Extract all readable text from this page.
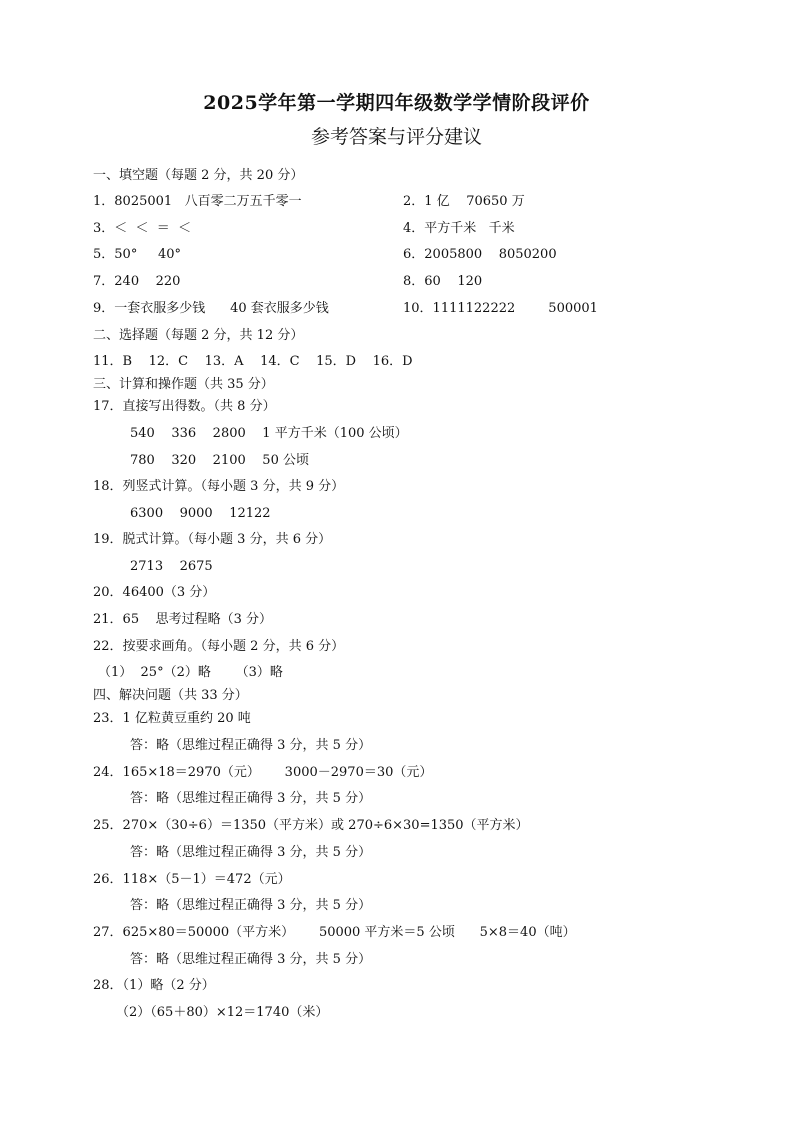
2025学年第一学期四年级数学学情阶段评价
参考答案与评分建议
一、填空题（每题 2 分，共 20 分）
1．8025001   八百零二万五千零一	2．1 亿    70650 万
3．＜  ＜  ＝  ＜	4．平方千米   千米
5．50°     40°	6．2005800    8050200
7．240    220	8．60    120
9．一套衣服多少钱      40 套衣服多少钱	10．1111122222        500001
二、选择题（每题 2 分，共 12 分）
11．B    12．C    13．A    14．C    15．D    16．D
三、计算和操作题（共 35 分）
17．直接写出得数。（共 8 分）
540    336    2800    1 平方千米（100 公顷）
780    320    2100    50 公顷
18．列竖式计算。（每小题 3 分，共 9 分）
6300    9000    12122
19．脱式计算。（每小题 3 分，共 6 分）
2713    2675
20．46400（3 分）
21．65    思考过程略（3 分）
22．按要求画角。（每小题 2 分，共 6 分）
（1）  25°（2）略      （3）略
四、解决问题（共 33 分）
23．1 亿粒黄豆重约 20 吨
答：略（思维过程正确得 3 分，共 5 分）
24．165×18＝2970（元）      3000－2970＝30（元）
答：略（思维过程正确得 3 分，共 5 分）
25．270×（30÷6）＝1350（平方米）或 270÷6×30=1350（平方米）
答：略（思维过程正确得 3 分，共 5 分）
26．118×（5－1）＝472（元）
答：略（思维过程正确得 3 分，共 5 分）
27．625×80＝50000（平方米）      50000 平方米＝5 公顷      5×8＝40（吨）
答：略（思维过程正确得 3 分，共 5 分）
28．（1）略（2 分）
（2）（65＋80）×12＝1740（米）
